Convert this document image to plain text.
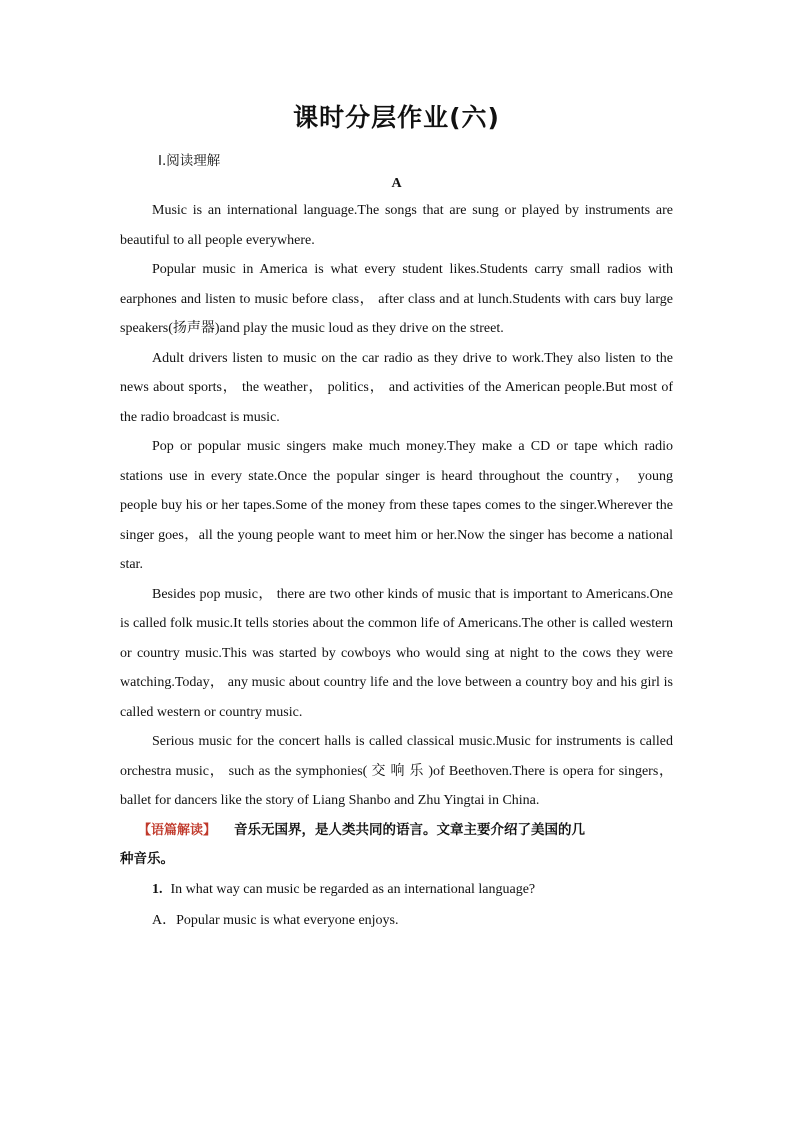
课时分层作业(六)
Ⅰ.阅读理解
A

Music is an international language.The songs that are sung or played by instruments are beautiful to all people everywhere.

Popular music in America is what every student likes.Students carry small radios with earphones and listen to music before class， after class and at lunch.Students with cars buy large speakers(扬声器)and play the music loud as they drive on the street.

Adult drivers listen to music on the car radio as they drive to work.They also listen to the news about sports， the weather， politics， and activities of the American people.But most of the radio broadcast is music.

Pop or popular music singers make much money.They make a CD or tape which radio stations use in every state.Once the popular singer is heard throughout the country， young people buy his or her tapes.Some of the money from these tapes comes to the singer.Wherever the singer goes，all the young people want to meet him or her.Now the singer has become a national star.

Besides pop music， there are two other kinds of music that is important to Americans.One is called folk music.It tells stories about the common life of Americans.The other is called western or country music.This was started by cowboys who would sing at night to the cows they were watching.Today， any music about country life and the love between a country boy and his girl is called western or country music.

Serious music for the concert halls is called classical music.Music for instruments is called orchestra music， such as the symphonies( 交 响 乐 )of Beethoven.There is opera for singers， ballet for dancers like the story of Liang Shanbo and Zhu Yingtai in China.

【语篇解读】 音乐无国界，是人类共同的语言。文章主要介绍了美国的几
种音乐。

1. In what way can music be regarded as an international language?

A．Popular music is what everyone enjoys.
